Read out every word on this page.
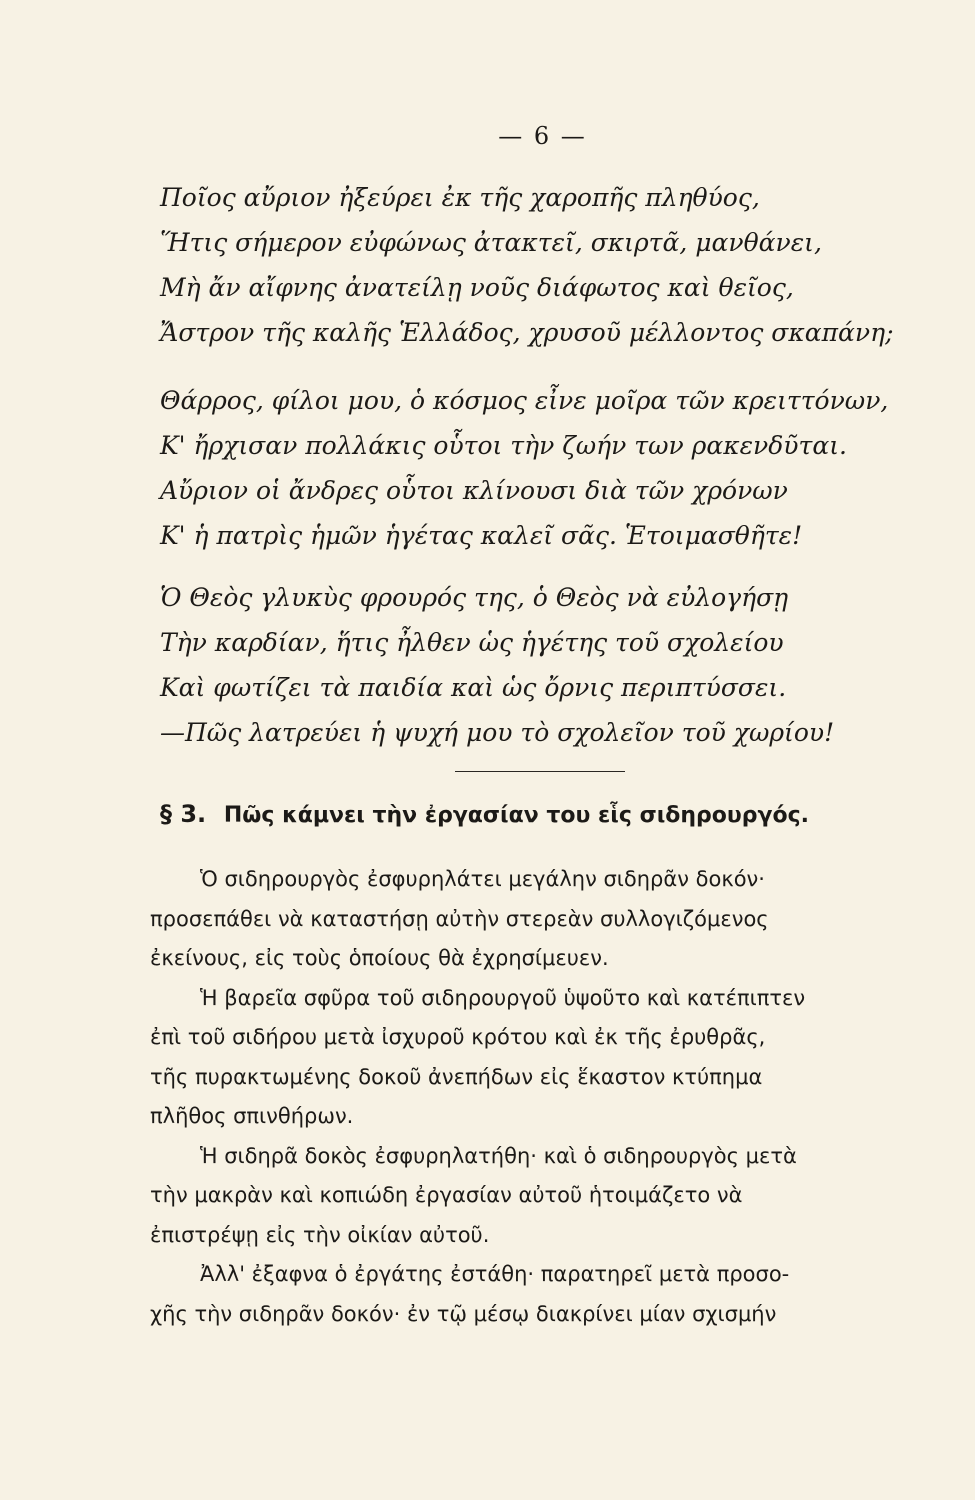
— 6 —
Ποῖος αὔριον ἠξεύρει ἐκ τῆς χαροπῆς πληθύος,
Ἥτις σήμερον εὐφώνως ἀτακτεῖ, σκιρτᾶ, μανθάνει,
Μὴ ἄν αἴφνης ἀνατείλῃ νοῦς διάφωτος καὶ θεῖος,
Ἄστρον τῆς καλῆς Ἑλλάδος, χρυσοῦ μέλλοντος σκαπάνη;
Θάρρος, φίλοι μου, ὁ κόσμος εἶνε μοῖρα τῶν κρειττόνων,
Κ' ἤρχισαν πολλάκις οὗτοι τὴν ζωήν των ρακενδῦται.
Αὔριον οἱ ἄνδρες οὗτοι κλίνουσι διὰ τῶν χρόνων
Κ' ἡ πατρὶς ἡμῶν ἡγέτας καλεῖ σᾶς. Ἑτοιμασθῆτε!
Ὁ Θεὸς γλυκὺς φρουρός της, ὁ Θεὸς νὰ εὐλογήσῃ
Τὴν καρδίαν, ἥτις ἦλθεν ὡς ἡγέτης τοῦ σχολείου
Καὶ φωτίζει τὰ παιδία καὶ ὡς ὄρνις περιπτύσσει.
—Πῶς λατρεύει ἡ ψυχή μου τὸ σχολεῖον τοῦ χωρίου!
§ 3. Πῶς κάμνει τὴν ἐργασίαν του εἷς σιδηρουργός.
Ὁ σιδηρουργὸς ἐσφυρηλάτει μεγάλην σιδηρᾶν δοκόν·
προσεπάθει νὰ καταστήσῃ αὐτὴν στερεὰν συλλογιζόμενος
ἐκείνους, εἰς τοὺς ὁποίους θὰ ἐχρησίμευεν.
Ἡ βαρεῖα σφῦρα τοῦ σιδηρουργοῦ ὑψοῦτο καὶ κατέπιπτεν
ἐπὶ τοῦ σιδήρου μετὰ ἰσχυροῦ κρότου καὶ ἐκ τῆς ἐρυθρᾶς,
τῆς πυρακτωμένης δοκοῦ ἀνεπήδων εἰς ἕκαστον κτύπημα
πλῆθος σπινθήρων.
Ἡ σιδηρᾶ δοκὸς ἐσφυρηλατήθη· καὶ ὁ σιδηρουργὸς μετὰ
τὴν μακρὰν καὶ κοπιώδη ἐργασίαν αὐτοῦ ἡτοιμάζετο νὰ
ἐπιστρέψῃ εἰς τὴν οἰκίαν αὐτοῦ.
Ἀλλ' ἐξαφνα ὁ ἐργάτης ἐστάθη· παρατηρεῖ μετὰ προσο-
χῆς τὴν σιδηρᾶν δοκόν· ἐν τῷ μέσῳ διακρίνει μίαν σχισμήν
